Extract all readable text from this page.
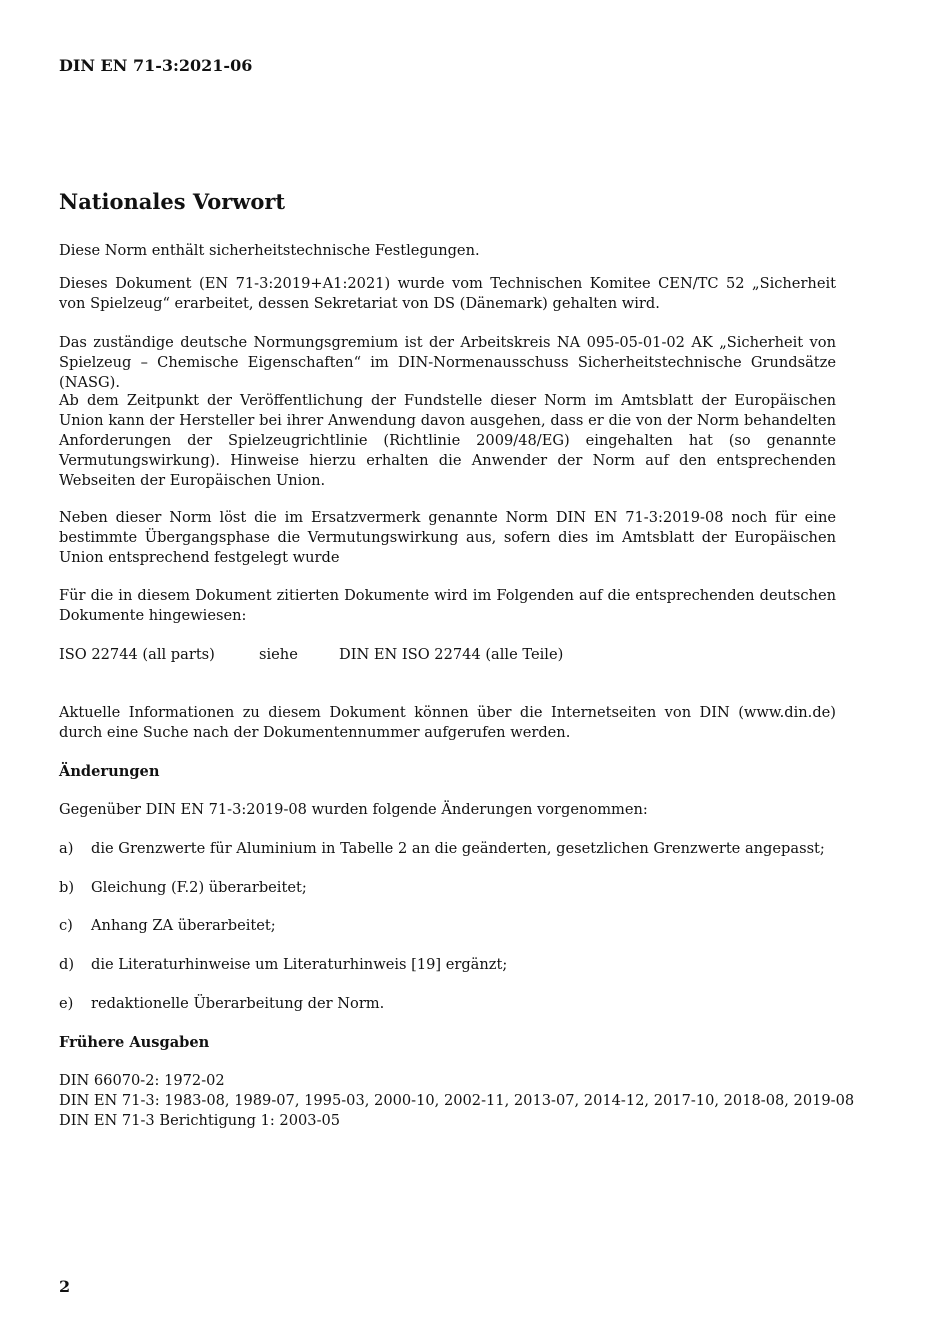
DIN EN 71-3:2021-06
Nationales Vorwort

Diese Norm enthält sicherheitstechnische Festlegungen.

Dieses Dokument (EN 71-3:2019+A1:2021) wurde vom Technischen Komitee CEN/TC 52 „Sicherheit von Spielzeug“ erarbeitet, dessen Sekretariat von DS (Dänemark) gehalten wird.

Das zuständige deutsche Normungsgremium ist der Arbeitskreis NA 095-05-01-02 AK „Sicherheit von Spielzeug – Chemische Eigenschaften“ im DIN-Normenausschuss Sicherheitstechnische Grundsätze (NASG).

Ab dem Zeitpunkt der Veröffentlichung der Fundstelle dieser Norm im Amtsblatt der Europäischen Union kann der Hersteller bei ihrer Anwendung davon ausgehen, dass er die von der Norm behandelten Anforderungen der Spielzeugrichtlinie (Richtlinie 2009/48/EG) eingehalten hat (so genannte Vermutungswirkung). Hinweise hierzu erhalten die Anwender der Norm auf den entsprechenden Webseiten der Europäischen Union.

Neben dieser Norm löst die im Ersatzvermerk genannte Norm DIN EN 71-3:2019-08 noch für eine bestimmte Übergangsphase die Vermutungswirkung aus, sofern dies im Amtsblatt der Europäischen Union entsprechend festgelegt wurde

Für die in diesem Dokument zitierten Dokumente wird im Folgenden auf die entsprechenden deutschen Dokumente hingewiesen:

ISO 22744 (all parts)	siehe	DIN EN ISO 22744 (alle Teile)

Aktuelle Informationen zu diesem Dokument können über die Internetseiten von DIN (www.din.de) durch eine Suche nach der Dokumentennummer aufgerufen werden.

Änderungen

Gegenüber DIN EN 71-3:2019-08 wurden folgende Änderungen vorgenommen:

a) die Grenzwerte für Aluminium in Tabelle 2 an die geänderten, gesetzlichen Grenzwerte angepasst;
b) Gleichung (F.2) überarbeitet;
c) Anhang ZA überarbeitet;
d) die Literaturhinweise um Literaturhinweis [19] ergänzt;
e) redaktionelle Überarbeitung der Norm.
Frühere Ausgaben
DIN 66070-2: 1972-02
DIN EN 71-3: 1983-08, 1989-07, 1995-03, 2000-10, 2002-11, 2013-07, 2014-12, 2017-10, 2018-08, 2019-08
DIN EN 71-3 Berichtigung 1: 2003-05
2
